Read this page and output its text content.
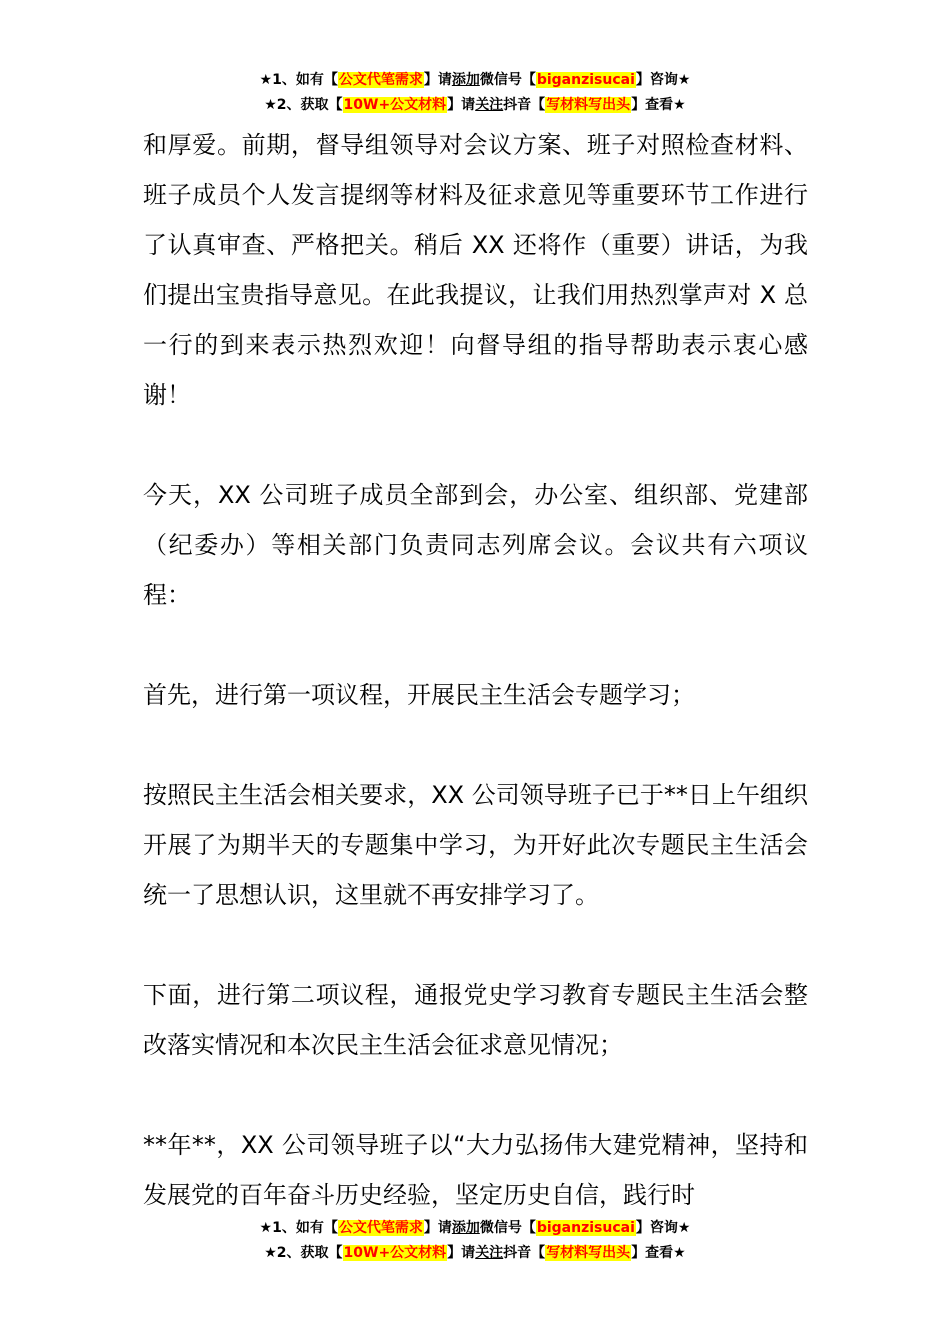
★1、如有【公文代笔需求】请添加微信号【biganzisucai】咨询★
★2、获取【10W+公文材料】请关注抖音【写材料写出头】查看★

和厚爱。前期，督导组领导对会议方案、班子对照检查材料、班子成员个人发言提纲等材料及征求意见等重要环节工作进行了认真审查、严格把关。稍后 XX 还将作（重要）讲话，为我们提出宝贵指导意见。在此我提议，让我们用热烈掌声对 X 总一行的到来表示热烈欢迎！向督导组的指导帮助表示衷心感谢！

今天，XX 公司班子成员全部到会，办公室、组织部、党建部（纪委办）等相关部门负责同志列席会议。会议共有六项议程：

首先，进行第一项议程，开展民主生活会专题学习；

按照民主生活会相关要求，XX 公司领导班子已于**日上午组织开展了为期半天的专题集中学习，为开好此次专题民主生活会统一了思想认识，这里就不再安排学习了。

下面，进行第二项议程，通报党史学习教育专题民主生活会整改落实情况和本次民主生活会征求意见情况；

**年**，XX 公司领导班子以“大力弘扬伟大建党精神，坚持和发展党的百年奋斗历史经验，坚定历史自信，践行时

★1、如有【公文代笔需求】请添加微信号【biganzisucai】咨询★
★2、获取【10W+公文材料】请关注抖音【写材料写出头】查看★
